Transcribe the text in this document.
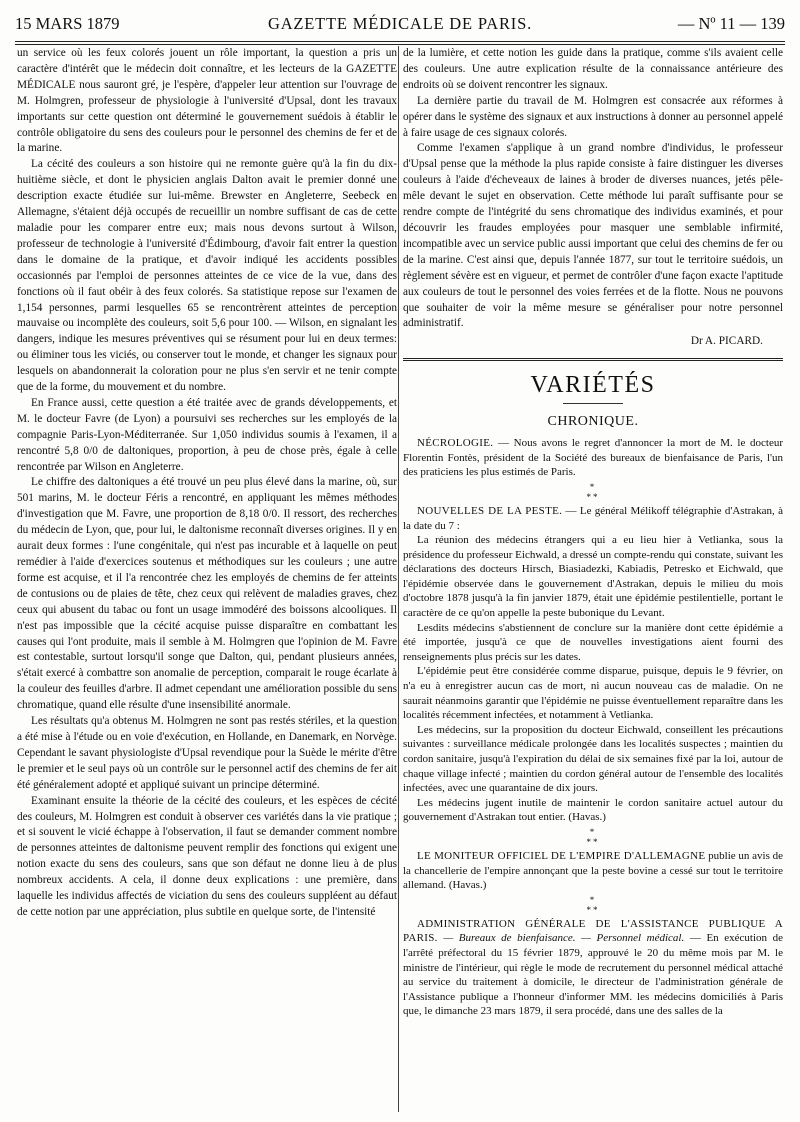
15 MARS 1879	GAZETTE MÉDICALE DE PARIS.	— Nº 11 — 139

un service où les feux colorés jouent un rôle important, la question a pris un caractère d'intérêt que le médecin doit connaître, et les lecteurs de la GAZETTE MÉDICALE nous sauront gré, je l'espère, d'appeler leur attention sur l'ouvrage de M. Holmgren, professeur de physiologie à l'université d'Upsal, dont les travaux importants sur cette question ont déterminé le gouvernement suédois à établir le contrôle obligatoire du sens des couleurs pour le personnel des chemins de fer et de la marine.

La cécité des couleurs a son histoire qui ne remonte guère qu'à la fin du dix-huitième siècle, et dont le physicien anglais Dalton avait le premier donné une description exacte étudiée sur lui-même. Brewster en Angleterre, Seebeck en Allemagne, s'étaient déjà occupés de recueillir un nombre suffisant de cas de cette maladie pour les comparer entre eux; mais nous devons surtout à Wilson, professeur de technologie à l'université d'Édimbourg, d'avoir fait entrer la question dans le domaine de la pratique, et d'avoir indiqué les accidents possibles occasionnés par l'emploi de personnes atteintes de ce vice de la vue, dans des fonctions où il faut obéir à des feux colorés. Sa statistique repose sur l'examen de 1,154 personnes, parmi lesquelles 65 se rencontrèrent atteintes de perception mauvaise ou incomplète des couleurs, soit 5,6 pour 100. — Wilson, en signalant les dangers, indique les mesures préventives qui se résument pour lui en deux termes: ou éliminer tous les viciés, ou conserver tout le monde, et changer les signaux pour lesquels on abandonnerait la coloration pour ne plus s'en servir et ne tenir compte que de la forme, du mouvement et du nombre.

En France aussi, cette question a été traitée avec de grands développements, et M. le docteur Favre (de Lyon) a poursuivi ses recherches sur les employés de la compagnie Paris-Lyon-Méditerranée. Sur 1,050 individus soumis à l'examen, il a rencontré 5,8 0/0 de daltoniques, proportion, à peu de chose près, égale à celle rencontrée par Wilson en Angleterre.

Le chiffre des daltoniques a été trouvé un peu plus élevé dans la marine, où, sur 501 marins, M. le docteur Féris a rencontré, en appliquant les mêmes méthodes d'investigation que M. Favre, une proportion de 8,18 0/0. Il ressort, des recherches du médecin de Lyon, que, pour lui, le daltonisme reconnaît diverses origines. Il y en aurait deux formes : l'une congénitale, qui n'est pas incurable et à laquelle on peut remédier à l'aide d'exercices soutenus et méthodiques sur les couleurs ; une autre forme est acquise, et il l'a rencontrée chez les employés de chemins de fer atteints de contusions ou de plaies de tête, chez ceux qui relèvent de maladies graves, chez ceux qui abusent du tabac ou font un usage immodéré des boissons alcooliques. Il n'est pas impossible que la cécité acquise puisse disparaître en combattant les causes qui l'ont produite, mais il semble à M. Holmgren que l'opinion de M. Favre est contestable, surtout lorsqu'il songe que Dalton, qui, pendant plusieurs années, s'était exercé à combattre son anomalie de perception, comparait le rouge écarlate à la couleur des feuilles d'arbre. Il admet cependant une amélioration possible du sens chromatique, quand elle résulte d'une insensibilité anormale.

Les résultats qu'a obtenus M. Holmgren ne sont pas restés stériles, et la question a été mise à l'étude ou en voie d'exécution, en Hollande, en Danemark, en Norvège. Cependant le savant physiologiste d'Upsal revendique pour la Suède le mérite d'être le premier et le seul pays où un contrôle sur le personnel actif des chemins de fer ait été généralement adopté et appliqué suivant un principe déterminé.

Examinant ensuite la théorie de la cécité des couleurs, et les espèces de cécité des couleurs, M. Holmgren est conduit à observer ces variétés dans la vie pratique ; et si souvent le vicié échappe à l'observation, il faut se demander comment nombre de personnes atteintes de daltonisme peuvent remplir des fonctions qui exigent une notion exacte du sens des couleurs, sans que son défaut ne donne lieu à de plus nombreux accidents. A cela, il donne deux explications : une première, dans laquelle les individus affectés de viciation du sens des couleurs suppléent au défaut de cette notion par une appréciation, plus subtile en quelque sorte, de l'intensité

de la lumière, et cette notion les guide dans la pratique, comme s'ils avaient celle des couleurs. Une autre explication résulte de la connaissance antérieure des endroits où se doivent rencontrer les signaux.

La dernière partie du travail de M. Holmgren est consacrée aux réformes à opérer dans le système des signaux et aux instructions à donner au personnel appelé à faire usage de ces signaux colorés.

Comme l'examen s'applique à un grand nombre d'individus, le professeur d'Upsal pense que la méthode la plus rapide consiste à faire distinguer les diverses couleurs à l'aide d'écheveaux de laines à broder de diverses nuances, jetés pêle-mêle devant le sujet en observation. Cette méthode lui paraît suffisante pour se rendre compte de l'intégrité du sens chromatique des individus examinés, et pour découvrir les fraudes employées pour masquer une semblable infirmité, incompatible avec un service public aussi important que celui des chemins de fer ou de la marine. C'est ainsi que, depuis l'année 1877, sur tout le territoire suédois, un règlement sévère est en vigueur, et permet de contrôler d'une façon exacte l'aptitude aux couleurs de tout le personnel des voies ferrées et de la flotte. Nous ne pouvons que souhaiter de voir la même mesure se généraliser pour notre personnel administratif.

Dr A. PICARD.
VARIÉTÉS
CHRONIQUE.

NÉCROLOGIE. — Nous avons le regret d'annoncer la mort de M. le docteur Florentin Fontès, président de la Société des bureaux de bienfaisance de Paris, l'un des praticiens les plus estimés de Paris.

*
**

NOUVELLES DE LA PESTE. — Le général Mélikoff télégraphie d'Astrakan, à la date du 7 :

La réunion des médecins étrangers qui a eu lieu hier à Vetlianka, sous la présidence du professeur Eichwald, a dressé un compte-rendu qui constate, suivant les déclarations des docteurs Hirsch, Biasiadezki, Kabiadis, Petresko et Eichwald, que l'épidémie observée dans le gouvernement d'Astrakan, depuis le milieu du mois d'octobre 1878 jusqu'à la fin janvier 1879, était une épidémie pestilentielle, portant le caractère de ce qu'on appelle la peste bubonique du Levant.

Lesdits médecins s'abstiennent de conclure sur la manière dont cette épidémie a été importée, jusqu'à ce que de nouvelles investigations aient fourni des renseignements plus précis sur les dates.

L'épidémie peut être considérée comme disparue, puisque, depuis le 9 février, on n'a eu à enregistrer aucun cas de mort, ni aucun nouveau cas de maladie. On ne saurait néanmoins garantir que l'épidémie ne puisse éventuellement reparaître dans les localités récemment infectées, et notamment à Vetlianka.

Les médecins, sur la proposition du docteur Eichwald, conseillent les précautions suivantes : surveillance médicale prolongée dans les localités suspectes ; maintien du cordon sanitaire, jusqu'à l'expiration du délai de six semaines fixé par la loi, autour de chaque village infecté ; maintien du cordon général autour de l'ensemble des localités infectées, avec une quarantaine de dix jours.

Les médecins jugent inutile de maintenir le cordon sanitaire actuel autour du gouvernement d'Astrakan tout entier. (Havas.)

*
**

LE MONITEUR OFFICIEL DE L'EMPIRE D'ALLEMAGNE publie un avis de la chancellerie de l'empire annonçant que la peste bovine a cessé sur tout le territoire allemand. (Havas.)

*
**

ADMINISTRATION GÉNÉRALE DE L'ASSISTANCE PUBLIQUE A PARIS. — Bureaux de bienfaisance. — Personnel médical. — En exécution de l'arrêté préfectoral du 15 février 1879, approuvé le 20 du même mois par M. le ministre de l'intérieur, qui règle le mode de recrutement du personnel médical attaché au service du traitement à domicile, le directeur de l'administration générale de l'Assistance publique a l'honneur d'informer MM. les médecins domiciliés à Paris que, le dimanche 23 mars 1879, il sera procédé, dans une des salles de la
